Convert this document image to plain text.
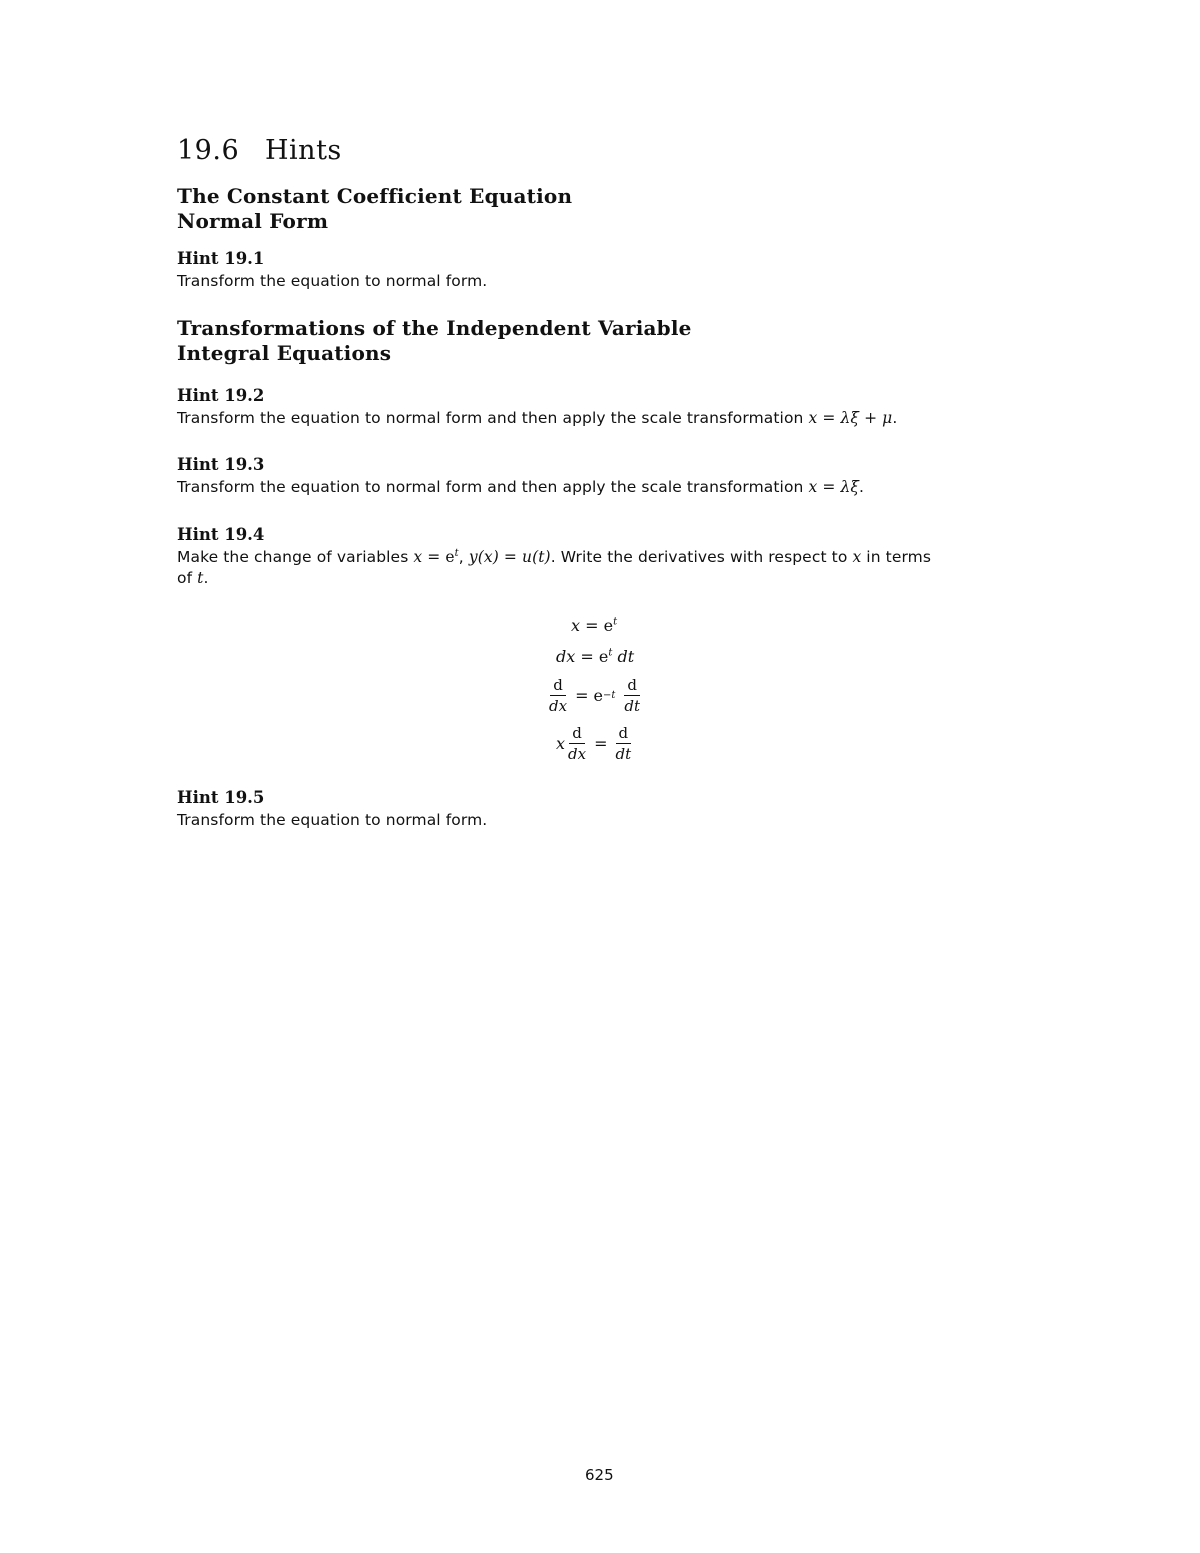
19.6 Hints
The Constant Coefficient Equation
Normal Form
Hint 19.1
Transform the equation to normal form.
Transformations of the Independent Variable
Integral Equations
Hint 19.2
Transform the equation to normal form and then apply the scale transformation x = λξ + μ.
Hint 19.3
Transform the equation to normal form and then apply the scale transformation x = λξ.
Hint 19.4
Make the change of variables $x = e^t$, y(x) = u(t). Write the derivatives with respect to x in terms
of t.
$x = e^t$
dx = $e^t$ dt
$\frac{d}{dx} = e -t \frac{d}{dt}$
x $\frac{d}{dx} = \frac{d}{dt}$
Hint 19.5
Transform the equation to normal form.
625
